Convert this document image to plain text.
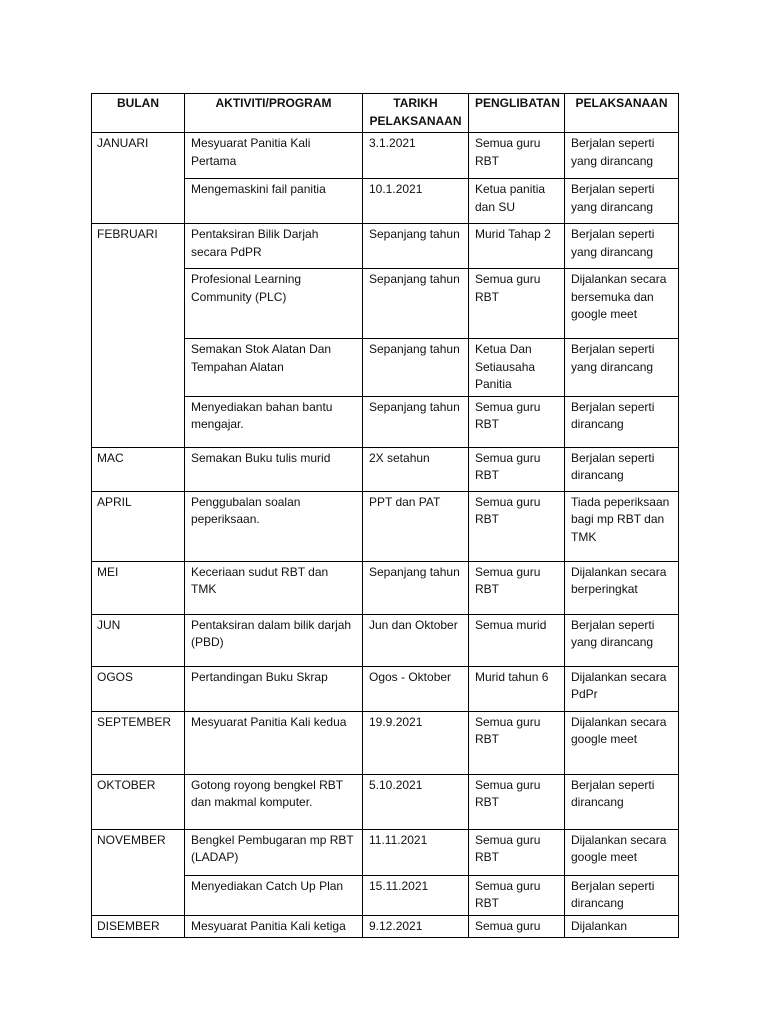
BULAN	AKTIVITI/PROGRAM	TARIKH PELAKSANAAN	PENGLIBATAN	PELAKSANAAN
JANUARI	Mesyuarat Panitia Kali Pertama	3.1.2021	Semua guru RBT	Berjalan seperti yang dirancang
	Mengemaskini fail panitia	10.1.2021	Ketua panitia dan SU	Berjalan seperti yang dirancang
FEBRUARI	Pentaksiran Bilik Darjah secara PdPR	Sepanjang tahun	Murid Tahap 2	Berjalan seperti yang dirancang
	Profesional Learning Community (PLC)	Sepanjang tahun	Semua guru RBT	Dijalankan secara bersemuka dan google meet
	Semakan Stok Alatan Dan Tempahan Alatan	Sepanjang tahun	Ketua Dan Setiausaha Panitia	Berjalan seperti yang dirancang
	Menyediakan bahan bantu mengajar.	Sepanjang tahun	Semua guru RBT	Berjalan seperti dirancang
MAC	Semakan Buku tulis murid	2X setahun	Semua guru RBT	Berjalan seperti dirancang
APRIL	Penggubalan soalan peperiksaan.	PPT dan PAT	Semua guru RBT	Tiada peperiksaan bagi mp RBT dan TMK
MEI	Keceriaan sudut RBT dan TMK	Sepanjang tahun	Semua guru RBT	Dijalankan secara berperingkat
JUN	Pentaksiran dalam bilik darjah (PBD)	Jun dan Oktober	Semua murid	Berjalan seperti yang dirancang
OGOS	Pertandingan Buku Skrap	Ogos - Oktober	Murid tahun 6	Dijalankan secara PdPr
SEPTEMBER	Mesyuarat Panitia Kali kedua	19.9.2021	Semua guru RBT	Dijalankan secara google meet
OKTOBER	Gotong royong bengkel RBT dan makmal komputer.	5.10.2021	Semua guru RBT	Berjalan seperti dirancang
NOVEMBER	Bengkel Pembugaran mp RBT (LADAP)	11.11.2021	Semua guru RBT	Dijalankan secara google meet
	Menyediakan Catch Up Plan	15.11.2021	Semua guru RBT	Berjalan seperti dirancang
DISEMBER	Mesyuarat Panitia Kali ketiga	9.12.2021	Semua guru	Dijalankan
